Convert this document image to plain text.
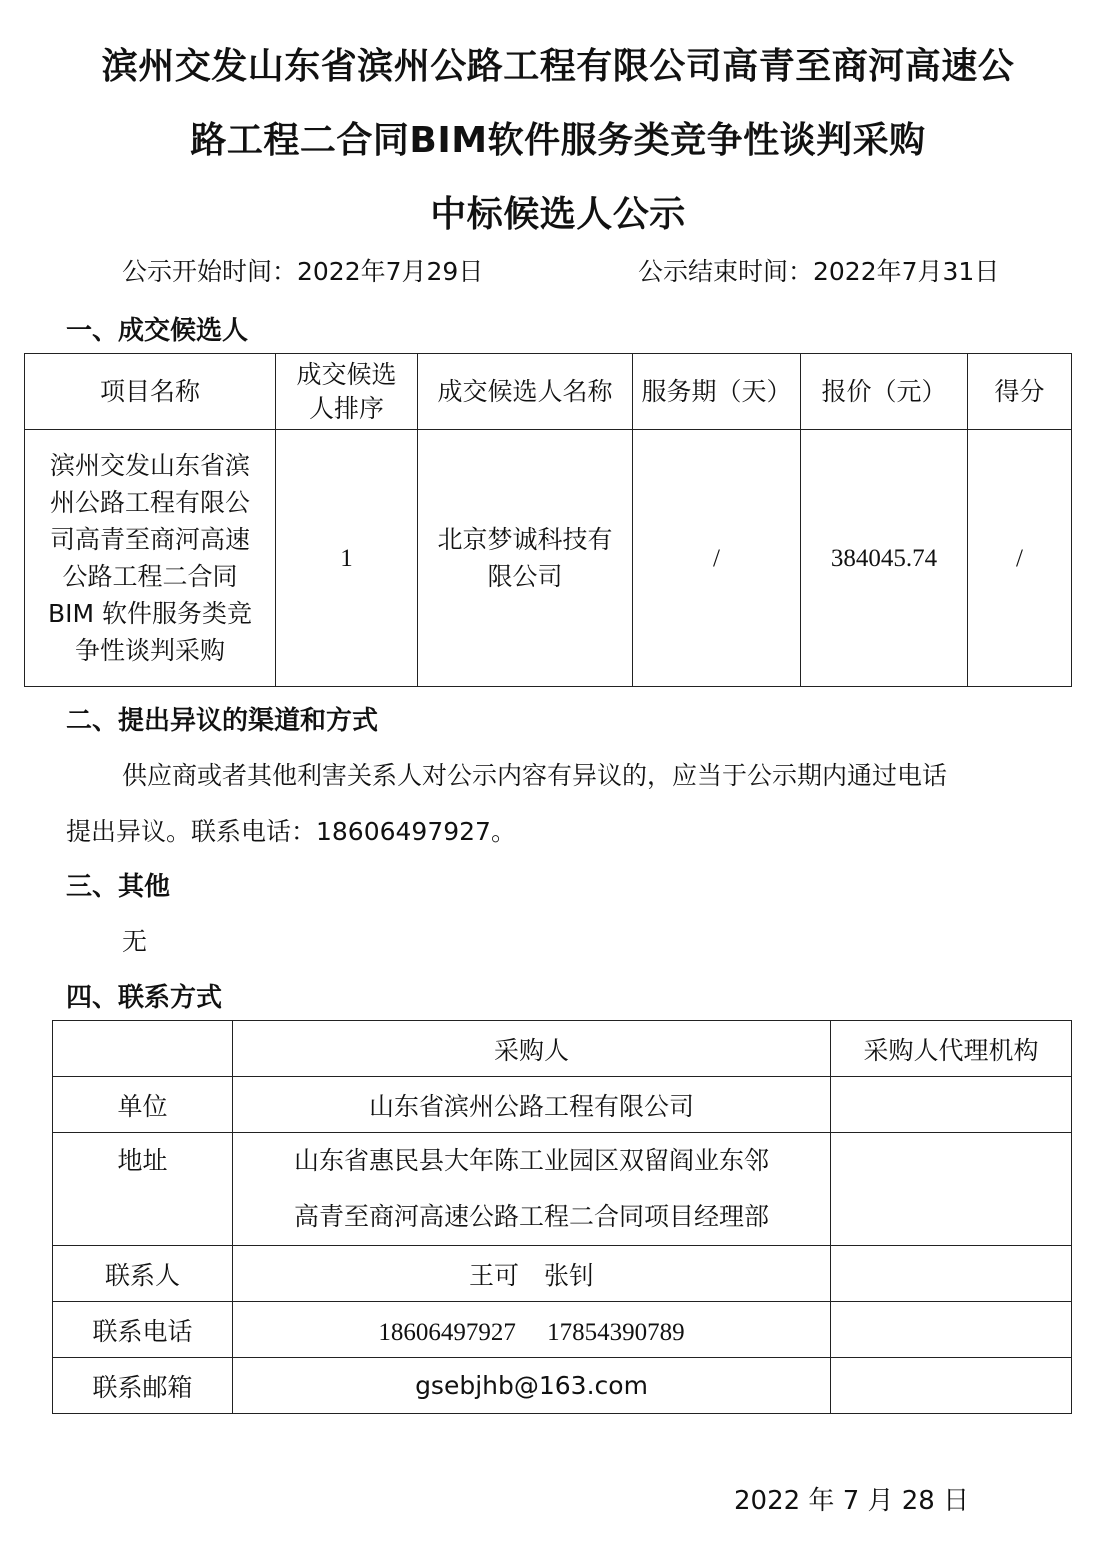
滨州交发山东省滨州公路工程有限公司高青至商河高速公
路工程二合同BIM软件服务类竞争性谈判采购
中标候选人公示
公示开始时间：2022年7月29日	公示结束时间：2022年7月31日
一、成交候选人
项目名称	成交候选人排序	成交候选人名称	服务期（天）	报价（元）	得分
滨州交发山东省滨州公路工程有限公司高青至商河高速公路工程二合同 BIM 软件服务类竞争性谈判采购	1	北京梦诚科技有限公司	/	384045.74	/
二、提出异议的渠道和方式
供应商或者其他利害关系人对公示内容有异议的，应当于公示期内通过电话
提出异议。联系电话：18606497927。
三、其他
无
四、联系方式
	采购人	采购人代理机构
单位	山东省滨州公路工程有限公司	
地址	山东省惠民县大年陈工业园区双留阎业东邻
高青至商河高速公路工程二合同项目经理部	

联系人	王可　张钊	
联系电话	18606497927　 17854390789	
联系邮箱	gsebjhb@163.com	
2022 年 7 月 28 日
